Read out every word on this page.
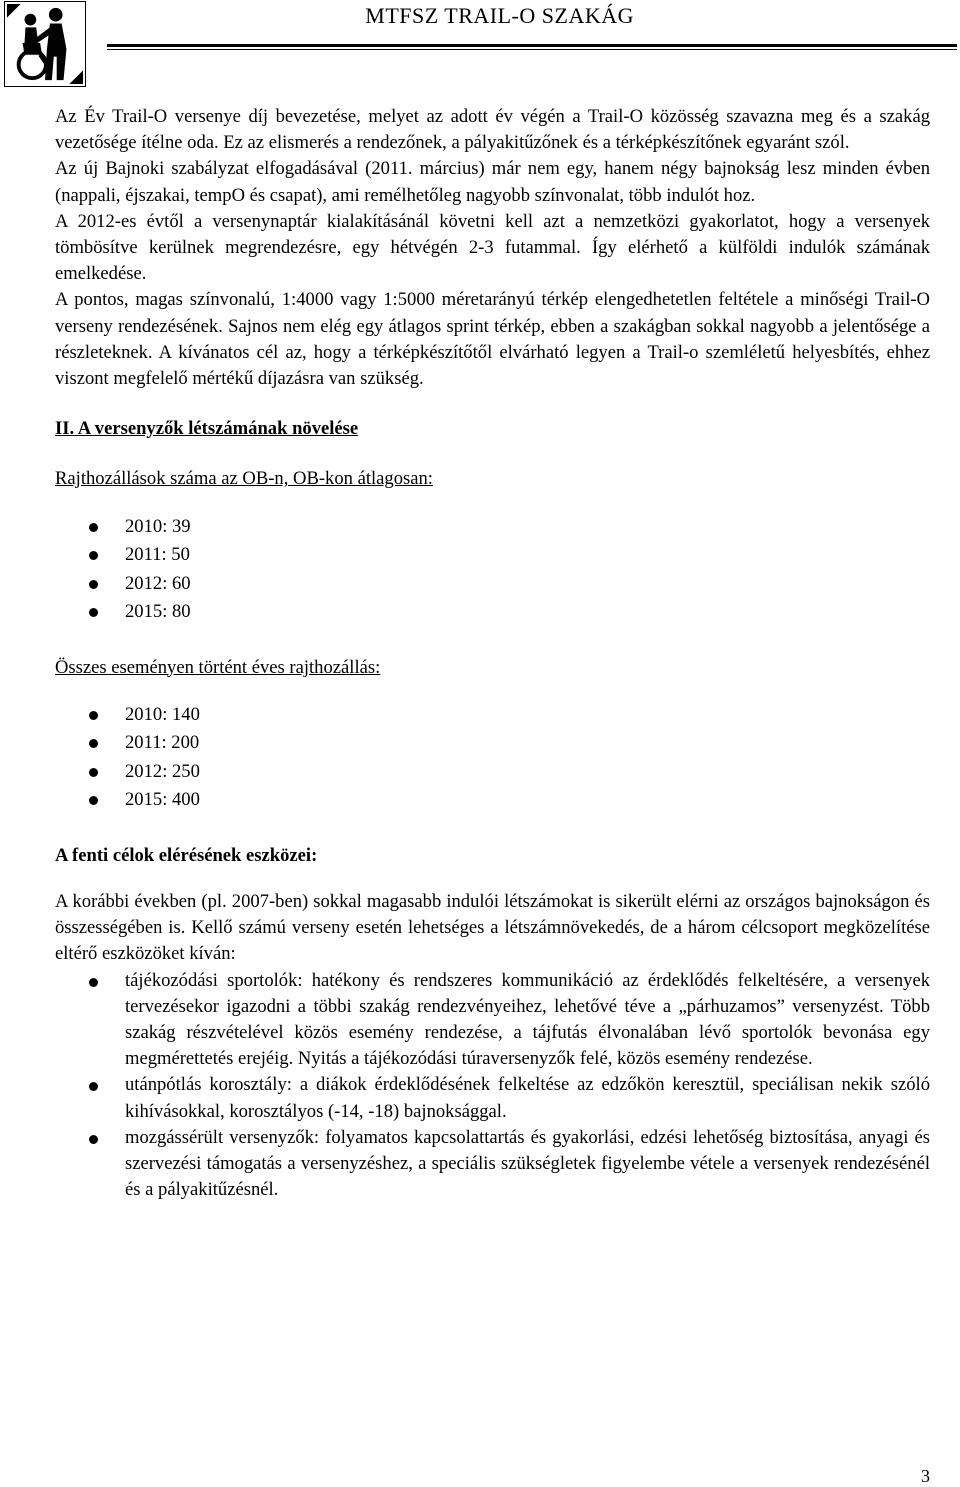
MTFSZ TRAIL-O SZAKÁG

Az Év Trail-O versenye díj bevezetése, melyet az adott év végén a Trail-O közösség szavazna meg és a szakág vezetősége ítélne oda. Ez az elismerés a rendezőnek, a pályakitűzőnek és a térképkészítőnek egyaránt szól.

Az új Bajnoki szabályzat elfogadásával (2011. március) már nem egy, hanem négy bajnokság lesz minden évben (nappali, éjszakai, tempO és csapat), ami remélhetőleg nagyobb színvonalat, több indulót hoz.

A 2012-es évtől a versenynaptár kialakításánál követni kell azt a nemzetközi gyakorlatot, hogy a versenyek tömbösítve kerülnek megrendezésre, egy hétvégén 2-3 futammal. Így elérhető a külföldi indulók számának emelkedése.

A pontos, magas színvonalú, 1:4000 vagy 1:5000 méretarányú térkép elengedhetetlen feltétele a minőségi Trail-O verseny rendezésének. Sajnos nem elég egy átlagos sprint térkép, ebben a szakágban sokkal nagyobb a jelentősége a részleteknek. A kívánatos cél az, hogy a térképkészítőtől elvárható legyen a Trail-o szemléletű helyesbítés, ehhez viszont megfelelő mértékű díjazásra van szükség.

II. A versenyzők létszámának növelése

Rajthozállások száma az OB-n, OB-kon átlagosan:

2010: 39
2011: 50
2012: 60
2015: 80

Összes eseményen történt éves rajthozállás:

2010: 140
2011: 200
2012: 250
2015: 400

A fenti célok elérésének eszközei:

A korábbi években (pl. 2007-ben) sokkal magasabb indulói létszámokat is sikerült elérni az országos bajnokságon és összességében is. Kellő számú verseny esetén lehetséges a létszámnövekedés, de a három célcsoport megközelítése eltérő eszközöket kíván:

tájékozódási sportolók: hatékony és rendszeres kommunikáció az érdeklődés felkeltésére, a versenyek tervezésekor igazodni a többi szakág rendezvényeihez, lehetővé téve a „párhuzamos” versenyzést. Több szakág részvételével közös esemény rendezése, a tájfutás élvonalában lévő sportolók bevonása egy megmérettetés erejéig. Nyitás a tájékozódási túraversenyzők felé, közös esemény rendezése.
utánpótlás korosztály: a diákok érdeklődésének felkeltése az edzőkön keresztül, speciálisan nekik szóló kihívásokkal, korosztályos (-14, -18) bajnoksággal.
mozgássérült versenyzők: folyamatos kapcsolattartás és gyakorlási, edzési lehetőség biztosítása, anyagi és szervezési támogatás a versenyzéshez, a speciális szükségletek figyelembe vétele a versenyek rendezésénél és a pályakitűzésnél.
3
